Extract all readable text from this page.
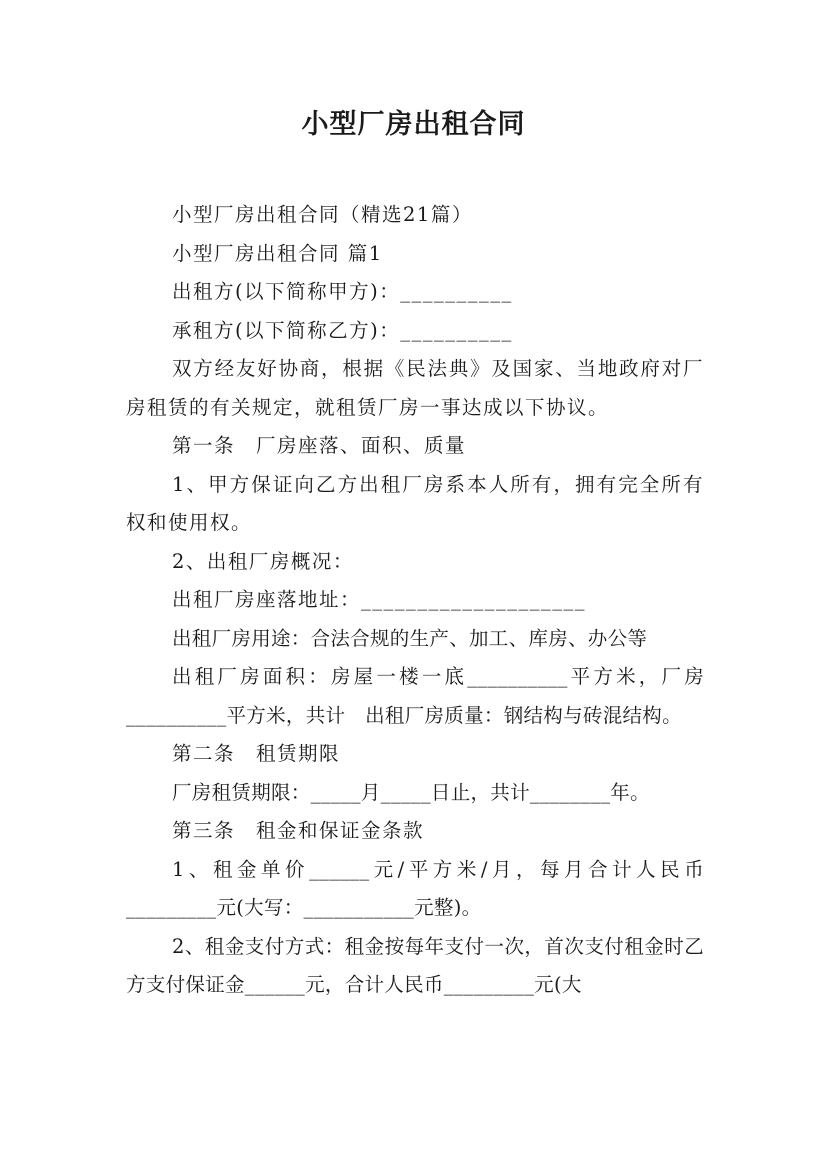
小型厂房出租合同

小型厂房出租合同（精选21篇）

小型厂房出租合同 篇1

出租方(以下简称甲方)：__________

承租方(以下简称乙方)：__________

双方经友好协商，根据《民法典》及国家、当地政府对厂房租赁的有关规定，就租赁厂房一事达成以下协议。

第一条　厂房座落、面积、质量

1、甲方保证向乙方出租厂房系本人所有，拥有完全所有权和使用权。

2、出租厂房概况：

出租厂房座落地址：____________________

出租厂房用途：合法合规的生产、加工、库房、办公等

出租厂房面积：房屋一楼一底__________平方米，厂房__________平方米，共计　出租厂房质量：钢结构与砖混结构。

第二条　租赁期限

厂房租赁期限：_____月_____日止，共计________年。

第三条　租金和保证金条款

1、租金单价______元/平方米/月，每月合计人民币_________元(大写：___________元整)。

2、租金支付方式：租金按每年支付一次，首次支付租金时乙方支付保证金______元，合计人民币_________元(大
